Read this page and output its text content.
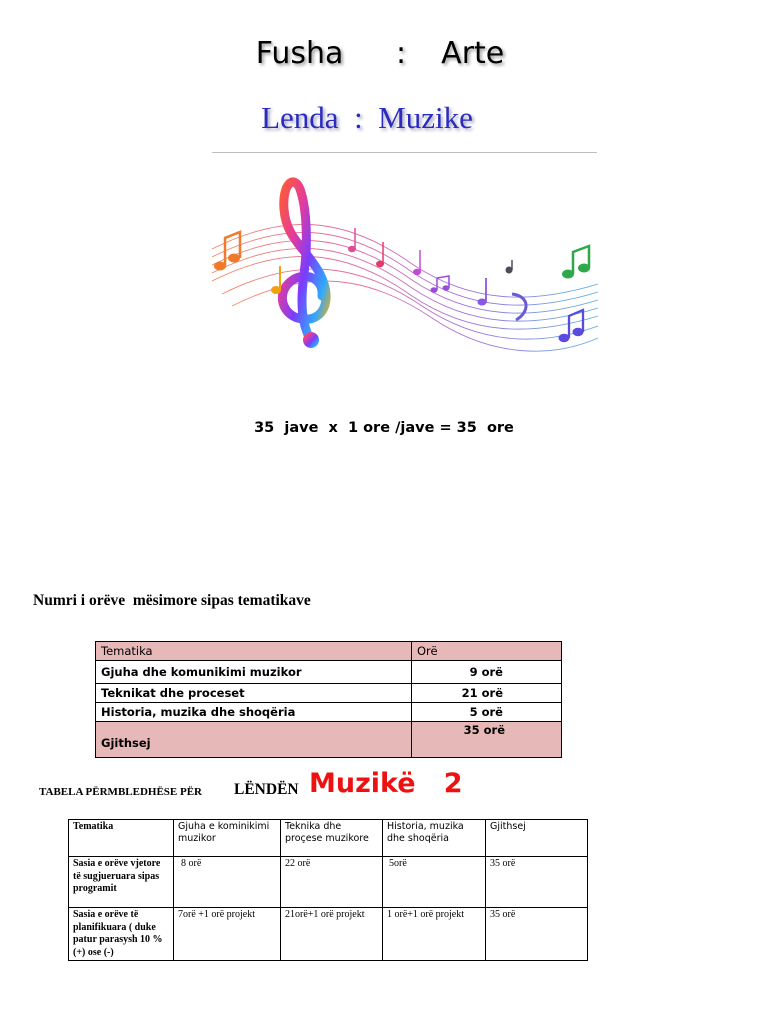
Fusha   :  Arte
Lenda  :  Muzike
35  jave  x  1 ore /jave = 35  ore
Numri i orëve  mësimore sipas tematikave
Tematika	Orë
Gjuha dhe komunikimi muzikor	9 orë
Teknikat dhe proceset	21 orë
Historia, muzika dhe shoqëria	5 orë
Gjithsej	35 orë
TABELA PËRMBLEDHËSE PËR LËNDËN Muzikë   2
Tematika	Gjuha e kominikimi muzikor	Teknika dhe proçese muzikore	Historia, muzika dhe shoqëria	Gjithsej
Sasia e orëve vjetore të sugjueruara sipas programit	8 orë	22 orë	5orë	35 orë
Sasia e orëve të planifikuara ( duke patur parasysh 10 % (+) ose (-)	7orë +1 orë projekt	21orë+1 orë projekt	1 orë+1 orë projekt	35 orë
